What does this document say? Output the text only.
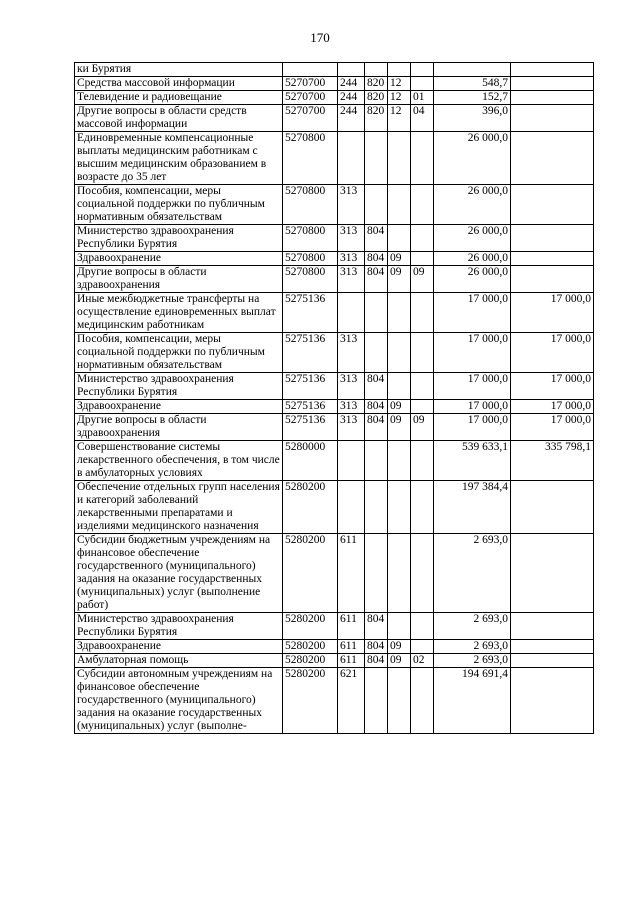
170
ки Бурятия							
Средства массовой информации	5270700	244	820	12		548,7	
Телевидение и радиовещание	5270700	244	820	12	01	152,7	
Другие вопросы в области средств массовой информации	5270700	244	820	12	04	396,0	
Единовременные компенсационные выплаты медицинским работникам с высшим медицинским образованием в возрасте до 35 лет	5270800					26 000,0	
Пособия, компенсации, меры социальной поддержки по публичным нормативным обязательствам	5270800	313				26 000,0	
Министерство здравоохранения Республики Бурятия	5270800	313	804			26 000,0	
Здравоохранение	5270800	313	804	09		26 000,0	
Другие вопросы в области здравоохранения	5270800	313	804	09	09	26 000,0	
Иные межбюджетные трансферты на осуществление единовременных выплат медицинским работникам	5275136					17 000,0	17 000,0
Пособия, компенсации, меры социальной поддержки по публичным нормативным обязательствам	5275136	313				17 000,0	17 000,0
Министерство здравоохранения Республики Бурятия	5275136	313	804			17 000,0	17 000,0
Здравоохранение	5275136	313	804	09		17 000,0	17 000,0
Другие вопросы в области здравоохранения	5275136	313	804	09	09	17 000,0	17 000,0
Совершенствование системы лекарственного обеспечения, в том числе в амбулаторных условиях	5280000					539 633,1	335 798,1
Обеспечение отдельных групп населения и категорий заболеваний лекарственными препаратами и изделиями медицинского назначения	5280200					197 384,4	
Субсидии бюджетным учреждениям на финансовое обеспечение государственного (муниципального) задания на оказание государственных (муниципальных) услуг (выполнение работ)	5280200	611				2 693,0	
Министерство здравоохранения Республики Бурятия	5280200	611	804			2 693,0	
Здравоохранение	5280200	611	804	09		2 693,0	
Амбулаторная помощь	5280200	611	804	09	02	2 693,0	
Субсидии автономным учреждениям на финансовое обеспечение государственного (муниципального) задания на оказание государственных (муниципальных) услуг (выполне-	5280200	621				194 691,4	
